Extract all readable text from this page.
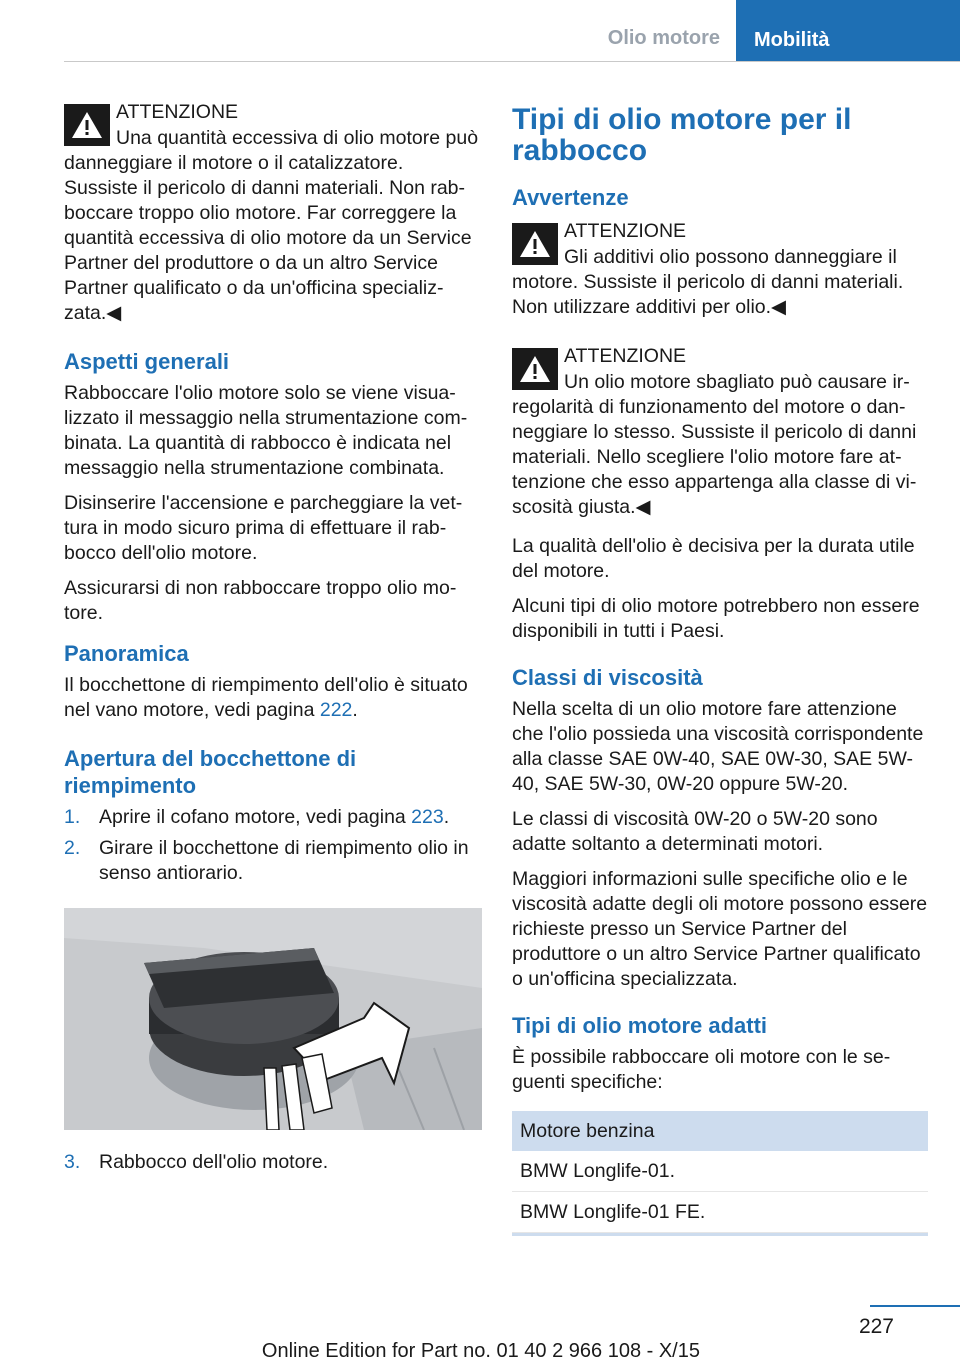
Olio motore	Mobilità
ATTENZIONE
Una quantità eccessiva di olio motore può danneggiare il motore o il catalizzatore. Sussiste il pericolo di danni materiali. Non rabboccare troppo olio motore. Far correggere la quantità eccessiva di olio motore da un Service Partner del produttore o da un altro Service Partner qualificato o da un'officina specializzata.◀
Aspetti generali

Rabboccare l'olio motore solo se viene visualizzato il messaggio nella strumentazione combinata. La quantità di rabbocco è indicata nel messaggio nella strumentazione combinata.

Disinserire l'accensione e parcheggiare la vettura in modo sicuro prima di effettuare il rabbocco dell'olio motore.

Assicurarsi di non rabboccare troppo olio motore.

Panoramica

Il bocchettone di riempimento dell'olio è situato nel vano motore, vedi pagina 222.

Apertura del bocchettone di riempimento
1. Aprire il cofano motore, vedi pagina 223.
2. Girare il bocchettone di riempimento olio in senso antiorario.
3. Rabbocco dell'olio motore.
Tipi di olio motore per il rabbocco
Avvertenze
ATTENZIONE
Gli additivi olio possono danneggiare il motore. Sussiste il pericolo di danni materiali. Non utilizzare additivi per olio.◀
ATTENZIONE
Un olio motore sbagliato può causare irregolarità di funzionamento del motore o danneggiare lo stesso. Sussiste il pericolo di danni materiali. Nello scegliere l'olio motore fare attenzione che esso appartenga alla classe di viscosità giusta.◀

La qualità dell'olio è decisiva per la durata utile del motore.

Alcuni tipi di olio motore potrebbero non essere disponibili in tutti i Paesi.

Classi di viscosità

Nella scelta di un olio motore fare attenzione che l'olio possieda una viscosità corrispondente alla classe SAE 0W-40, SAE 0W-30, SAE 5W-40, SAE 5W-30, 0W-20 oppure 5W-20.

Le classi di viscosità 0W-20 o 5W-20 sono adatte soltanto a determinati motori.

Maggiori informazioni sulle specifiche olio e le viscosità adatte degli oli motore possono essere richieste presso un Service Partner del produttore o un altro Service Partner qualificato o un'officina specializzata.

Tipi di olio motore adatti

È possibile rabboccare oli motore con le seguenti specifiche:

Motore benzina
BMW Longlife-01.
BMW Longlife-01 FE.
227
Online Edition for Part no. 01 40 2 966 108 - X/15
